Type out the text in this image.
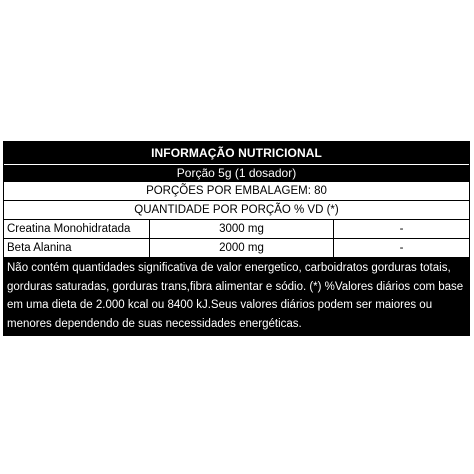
INFORMAÇÃO NUTRICIONAL
Porção 5g (1 dosador)
PORÇÕES POR EMBALAGEM: 80
QUANTIDADE POR PORÇÃO % VD (*)
Creatina Monohidratada	3000 mg	-
Beta Alanina	2000 mg	-
Não contém quantidades significativa de valor energetico, carboidratos gorduras totais, gorduras saturadas, gorduras trans,fibra alimentar e sódio. (*) %Valores diários com base em uma dieta de 2.000 kcal ou 8400 kJ.Seus valores diários podem ser maiores ou menores dependendo de suas necessidades energéticas.
